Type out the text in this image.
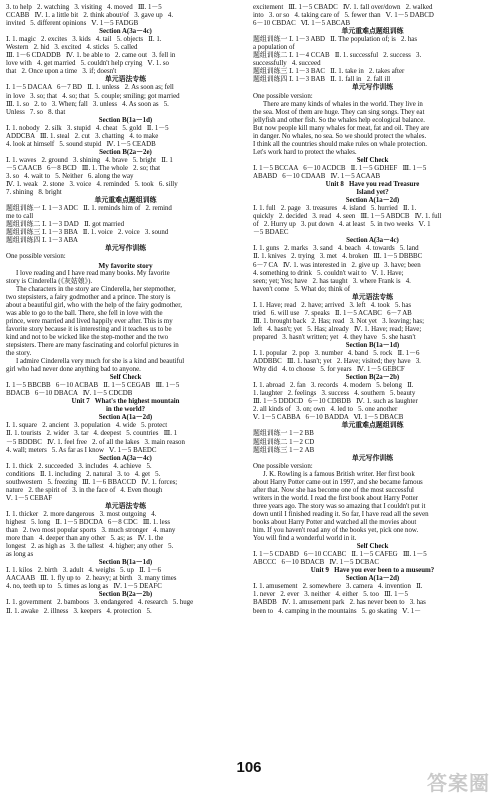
3. to help   2. watching   3. visiting   4. moved   Ⅲ. 1－5
CCABB   Ⅳ. 1. a little bit   2. think about/of   3. gave up   4.
invited   5. different opinions   Ⅴ. 1－5 FADGB
Section A(3a－4c)
Ⅰ. 1. magic   2. excites   3. kids   4. tail   5. objects   Ⅱ. 1.
Western   2. hid   3. excited   4. sticks   5. called
Ⅲ. 1－6 CDADDB   Ⅳ. 1. be able to   2. came out   3. fell in
love with   4. get married   5. couldn't help crying   Ⅴ. 1. so
that   2. Once upon a time   3. if; doesn't
单元语法专练
Ⅰ. 1－5 DACAA   6－7 BD   Ⅱ. 1. unless   2. As soon as; fell
in love   3. so; that   4. so; that   5. couple; smiling; got married
Ⅲ. 1. so   2. to   3. When; fall   3. unless   4. As soon as   5.
Unless   7. so   8. that
Section B(1a－1d)
Ⅰ. 1. nobody   2. silk   3. stupid   4. cheat   5. gold   Ⅱ. 1－5
ADDCBA   Ⅲ. 1. steal   2. cut   3. chatting   4. to make
4. look at himself   5. sound stupid   Ⅳ. 1－5 CEADB
Section B(2a－2e)
Ⅰ. 1. waves   2. ground   3. shining   4. brave   5. bright   Ⅱ. 1
－5 CAACB   6－8 BCD   Ⅲ. 1. The whole   2. so; that
3. so   4. wait to   5. Neither   6. along the way
Ⅳ. 1. weak   2. stone   3. voice   4. reminded   5. took   6. silly
7. shining   8. bright
单元重难点题组训练
题组训练一 Ⅰ. 1－3 ADC   Ⅱ. 1. reminds him of   2. remind
me to call
题组训练二 Ⅰ. 1－3 DAD   Ⅱ. got married
题组训练三 Ⅰ. 1－3 BBA   Ⅱ. 1. voice   2. voice   3. sound
题组训练四 Ⅰ. 1－3 ABA
单元写作训练
One possible version:
My favorite story
I love reading and I have read many books. My favorite
story is Cinderella (《灰姑娘》).
The characters in the story are Cinderella, her stepmother,
two stepsisters, a fairy godmother and a prince. The story is
about a beautiful girl, who with the help of the fairy godmother,
was able to go to the ball. There, she fell in love with the
prince, were married and lived happily ever after. This is my
favorite story because it is interesting and it teaches us to be
kind and not to be wicked like the step-mother and the two
stepsisters. There are many fascinating and colorful pictures in
the story.
I admire Cinderella very much for she is a kind and beautiful
girl who had never done anything bad to anyone.
Self Check
Ⅰ. 1－5 BBCBB   6－10 ACBAB   Ⅱ. 1－5 CEGAB   Ⅲ. 1－5
BDACB   6－10 DBACA   Ⅳ. 1－5 CDCDB
Unit 7   What's the highest mountain
in the world?
Section A(1a－2d)
Ⅰ. 1. square   2. ancient   3. population   4. wide   5. protect
Ⅱ. 1. tourists   2. wider   3. tar   4. deepest   5. countries   Ⅲ. 1
－5 BDDBC   Ⅳ. 1. feel free   2. of all the lakes   3. main reason
4. wall; meters   5. As far as I know   Ⅴ. 1－5 BAEDC
Section A(3a－4c)
Ⅰ. 1. thick   2. succeeded   3. includes   4. achieve   5.
conditions   Ⅱ. 1. including   2. natural   3. to   4. get   5.
southwestern   5. freezing   Ⅲ. 1－6 BBACCD   Ⅳ. 1. forces;
nature   2. the spirit of   3. in the face of   4. Even though
Ⅴ. 1－5 CEBAF
单元语法专练
Ⅰ. 1. thicker   2. more dangerous   3. most outgoing   4.
highest   5. long   Ⅱ. 1－5 BDCDA   6－8 CDC   Ⅲ. 1. less
than   2. two most popular sports   3. much stronger   4. many
more than   4. deeper than any other   5. as; as   Ⅳ. 1. the
longest   2. as high as   3. the tallest   4. higher; any other   5.
as long as
Section B(1a－1d)
Ⅰ. 1. kilos   2. birth   3. adult   4. weighs   5. up   Ⅱ. 1－6
AACAAB   Ⅲ. 1. fly up to   2. heavy; at birth   3. many times
4. no, teeth up to   5. times as long as   Ⅳ. 1－5 DEAFC
Section B(2a－2b)
Ⅰ. 1. government   2. bamboos   3. endangered   4. research   5. huge
Ⅱ. 1. awake   2. illness   3. keepers   4. protection   5.
excitement   Ⅲ. 1－5 CBADC   Ⅳ. 1. fall over/down   2. walked
into   3. or so   4. taking care of   5. fewer than   Ⅴ. 1－5 DABCD
6－10 CBDAC   Ⅵ. 1－5 ABCAB
单元重难点题组训练
题组训练一 Ⅰ. 1－3 ABD   Ⅱ. The population of; is   2. has
a population of
题组训练二 Ⅰ. 1－4 CCAB   Ⅱ. 1. successful   2. success   3.
successfully   4. succeed
题组训练三 Ⅰ. 1－3 BAC   Ⅱ. 1. take in   2. takes after
题组训练四 Ⅰ. 1－3 BAB   Ⅱ. 1. fall in   2. fall ill
单元写作训练
One possible version:
There are many kinds of whales in the world. They live in
the sea. Most of them are huge. They can sing songs. They eat
jellyfish and other fish. So the whales help ecological balance.
But now people kill many whales for meat, fat and oil. They are
in danger. No whales, no sea. So we should protect the whales.
I think all the countries should make rules on whale protection.
Let's work hard to protect the whales.
Self Check
Ⅰ. 1－5 BCCAA   6－10 ACDCB   Ⅱ. 1－5 GDHEF   Ⅲ. 1－5
ABABD   6－10 CDAAB   Ⅳ. 1－5 ACAAB
Unit 8   Have you read Treasure
Island yet?
Section A(1a－2d)
Ⅰ. 1. full   2. page   3. treasures   4. island   5. hurried   Ⅱ. 1.
quickly   2. decided   3. read   4. seen   Ⅲ. 1－5 ABDCB   Ⅳ. 1. full
of   2. Hurry up   3. put down   4. at least   5. in two weeks   Ⅴ. 1
－5 BDAEC
Section A(3a－4c)
Ⅰ. 1. guns   2. marks   3. sand   4. beach   4. towards   5. land
Ⅱ. 1. knives   2. trying   3. met   4. broken   Ⅲ. 1－5 DBBBC
6－7 CA   Ⅳ. 1. was interested in   2. give up   3. have; been
4. something to drink   5. couldn't wait to   Ⅴ. 1. Have;
seen; yet; Yes; have   2. has taught   3. where Frank is   4.
haven't come   5. What do; think of
单元语法专练
Ⅰ. 1. Have; read   2. have; arrived   3. left   4. took   5. has
tried   6. will use   7. speaks   Ⅱ. 1－5 ACABC   6－7 AB
Ⅲ. 1. brought back   2. Has; read   3. Not yet   3. leaving; has;
left   4. hasn't; yet   5. Has; already   Ⅳ. 1. Have; read; Have;
prepared   3. hasn't written; yet   4. they have   5. she hasn't
Section B(1a－1d)
Ⅰ. 1. popular   2. pop   3. number   4. band   5. rock   Ⅱ. 1－6
ADDBBC   Ⅲ. 1. hasn't; yet   2. Have; visited; they have   3.
Why did   4. to choose   5. for years   Ⅳ. 1－5 GEBCF
Section B(2a－2b)
Ⅰ. 1. abroad   2. fan   3. records   4. modern   5. belong   Ⅱ.
1. laughter   2. feelings   3. success   4. southern   5. beauty
Ⅲ. 1－5 DDDCD   6－10 CDBDB   Ⅳ. 1. such as laughter
2. all kinds of   3. on; own   4. led to   5. one another
Ⅴ. 1－5 CABBA   6－10 BADDA   Ⅵ. 1－5 DBACB
单元重难点题组训练
题组训练一 1－2 BB
题组训练二 1－2 CD
题组训练三 1－2 AB
单元写作训练
One possible version:
J. K. Rowling is a famous British writer. Her first book
about Harry Potter came out in 1997, and she became famous
after that. Now she has become one of the most successful
writers in the world. I read the first book about Harry Potter
three years ago. The story was so amazing that I couldn't put it
down until I finished reading it. So far, I have read all the seven
books about Harry Potter and watched all the movies about
him. If you haven't read any of the books yet, pick one now.
You will find a wonderful world in it.
Self Check
Ⅰ. 1－5 CDABD   6－10 CCABC   Ⅱ. 1－5 CAFEG   Ⅲ. 1－5
ABCCC   6－10 BDACB   Ⅳ. 1－5 DCBAC
Unit 9   Have you ever been to a museum?
Section A(1a－2d)
Ⅰ. 1. amusement   2. somewhere   3. camera   4. invention   Ⅱ.
1. never   2. ever   3. neither   4. either   5. too   Ⅲ. 1－5
BABDB   Ⅳ. 1. amusement park   2. has never been to   3. has
been to   4. camping in the mountains   5. go skating   Ⅴ. 1－
106
答案圈
